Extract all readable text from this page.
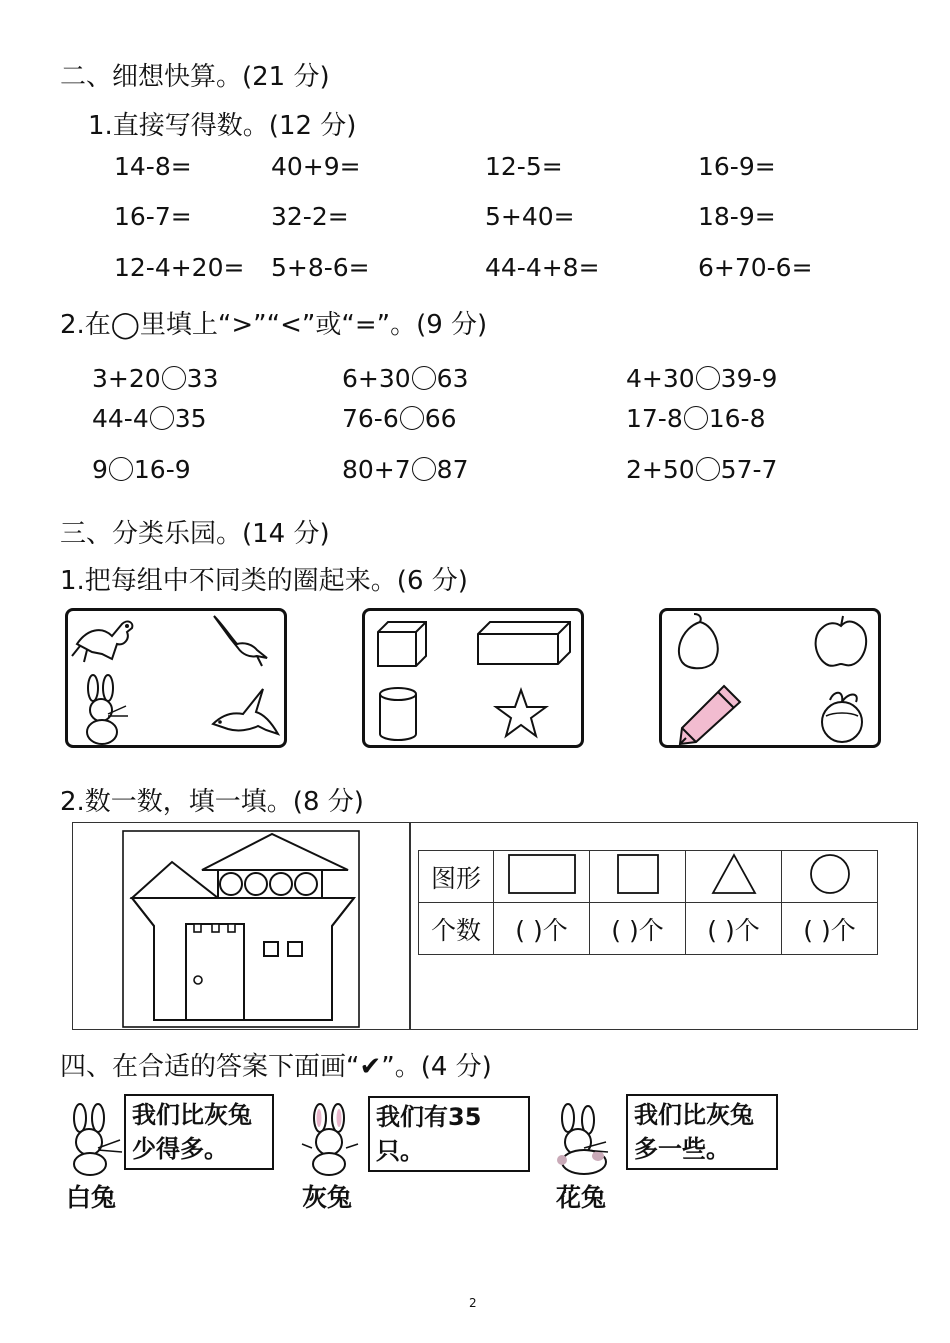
二、细想快算。(21 分)
1.直接写得数。(12 分)
14-8=	40+9=	12-5=	16-9=
16-7=	32-2=	5+40=	18-9=
12-4+20= 5+8-6=	44-4+8=	6+70-6=
2.在◯里填上“>”“<”或“=”。(9 分)
3+20 33	6+30 63	4+30 39-9
44-4 35	76-6 66	17-8 16-8
9 16-9	80+7 87	2+50 57-7
三、分类乐园。(14 分)
1.把每组中不同类的圈起来。(6 分)
2.数一数，填一填。(8 分)
图形				
个数	( )个	( )个	( )个	( )个
四、在合适的答案下面画“✔”。(4 分)
我们比灰兔
少得多。
白兔
我们有35只。
灰兔
我们比灰兔
多一些。
花兔
2
